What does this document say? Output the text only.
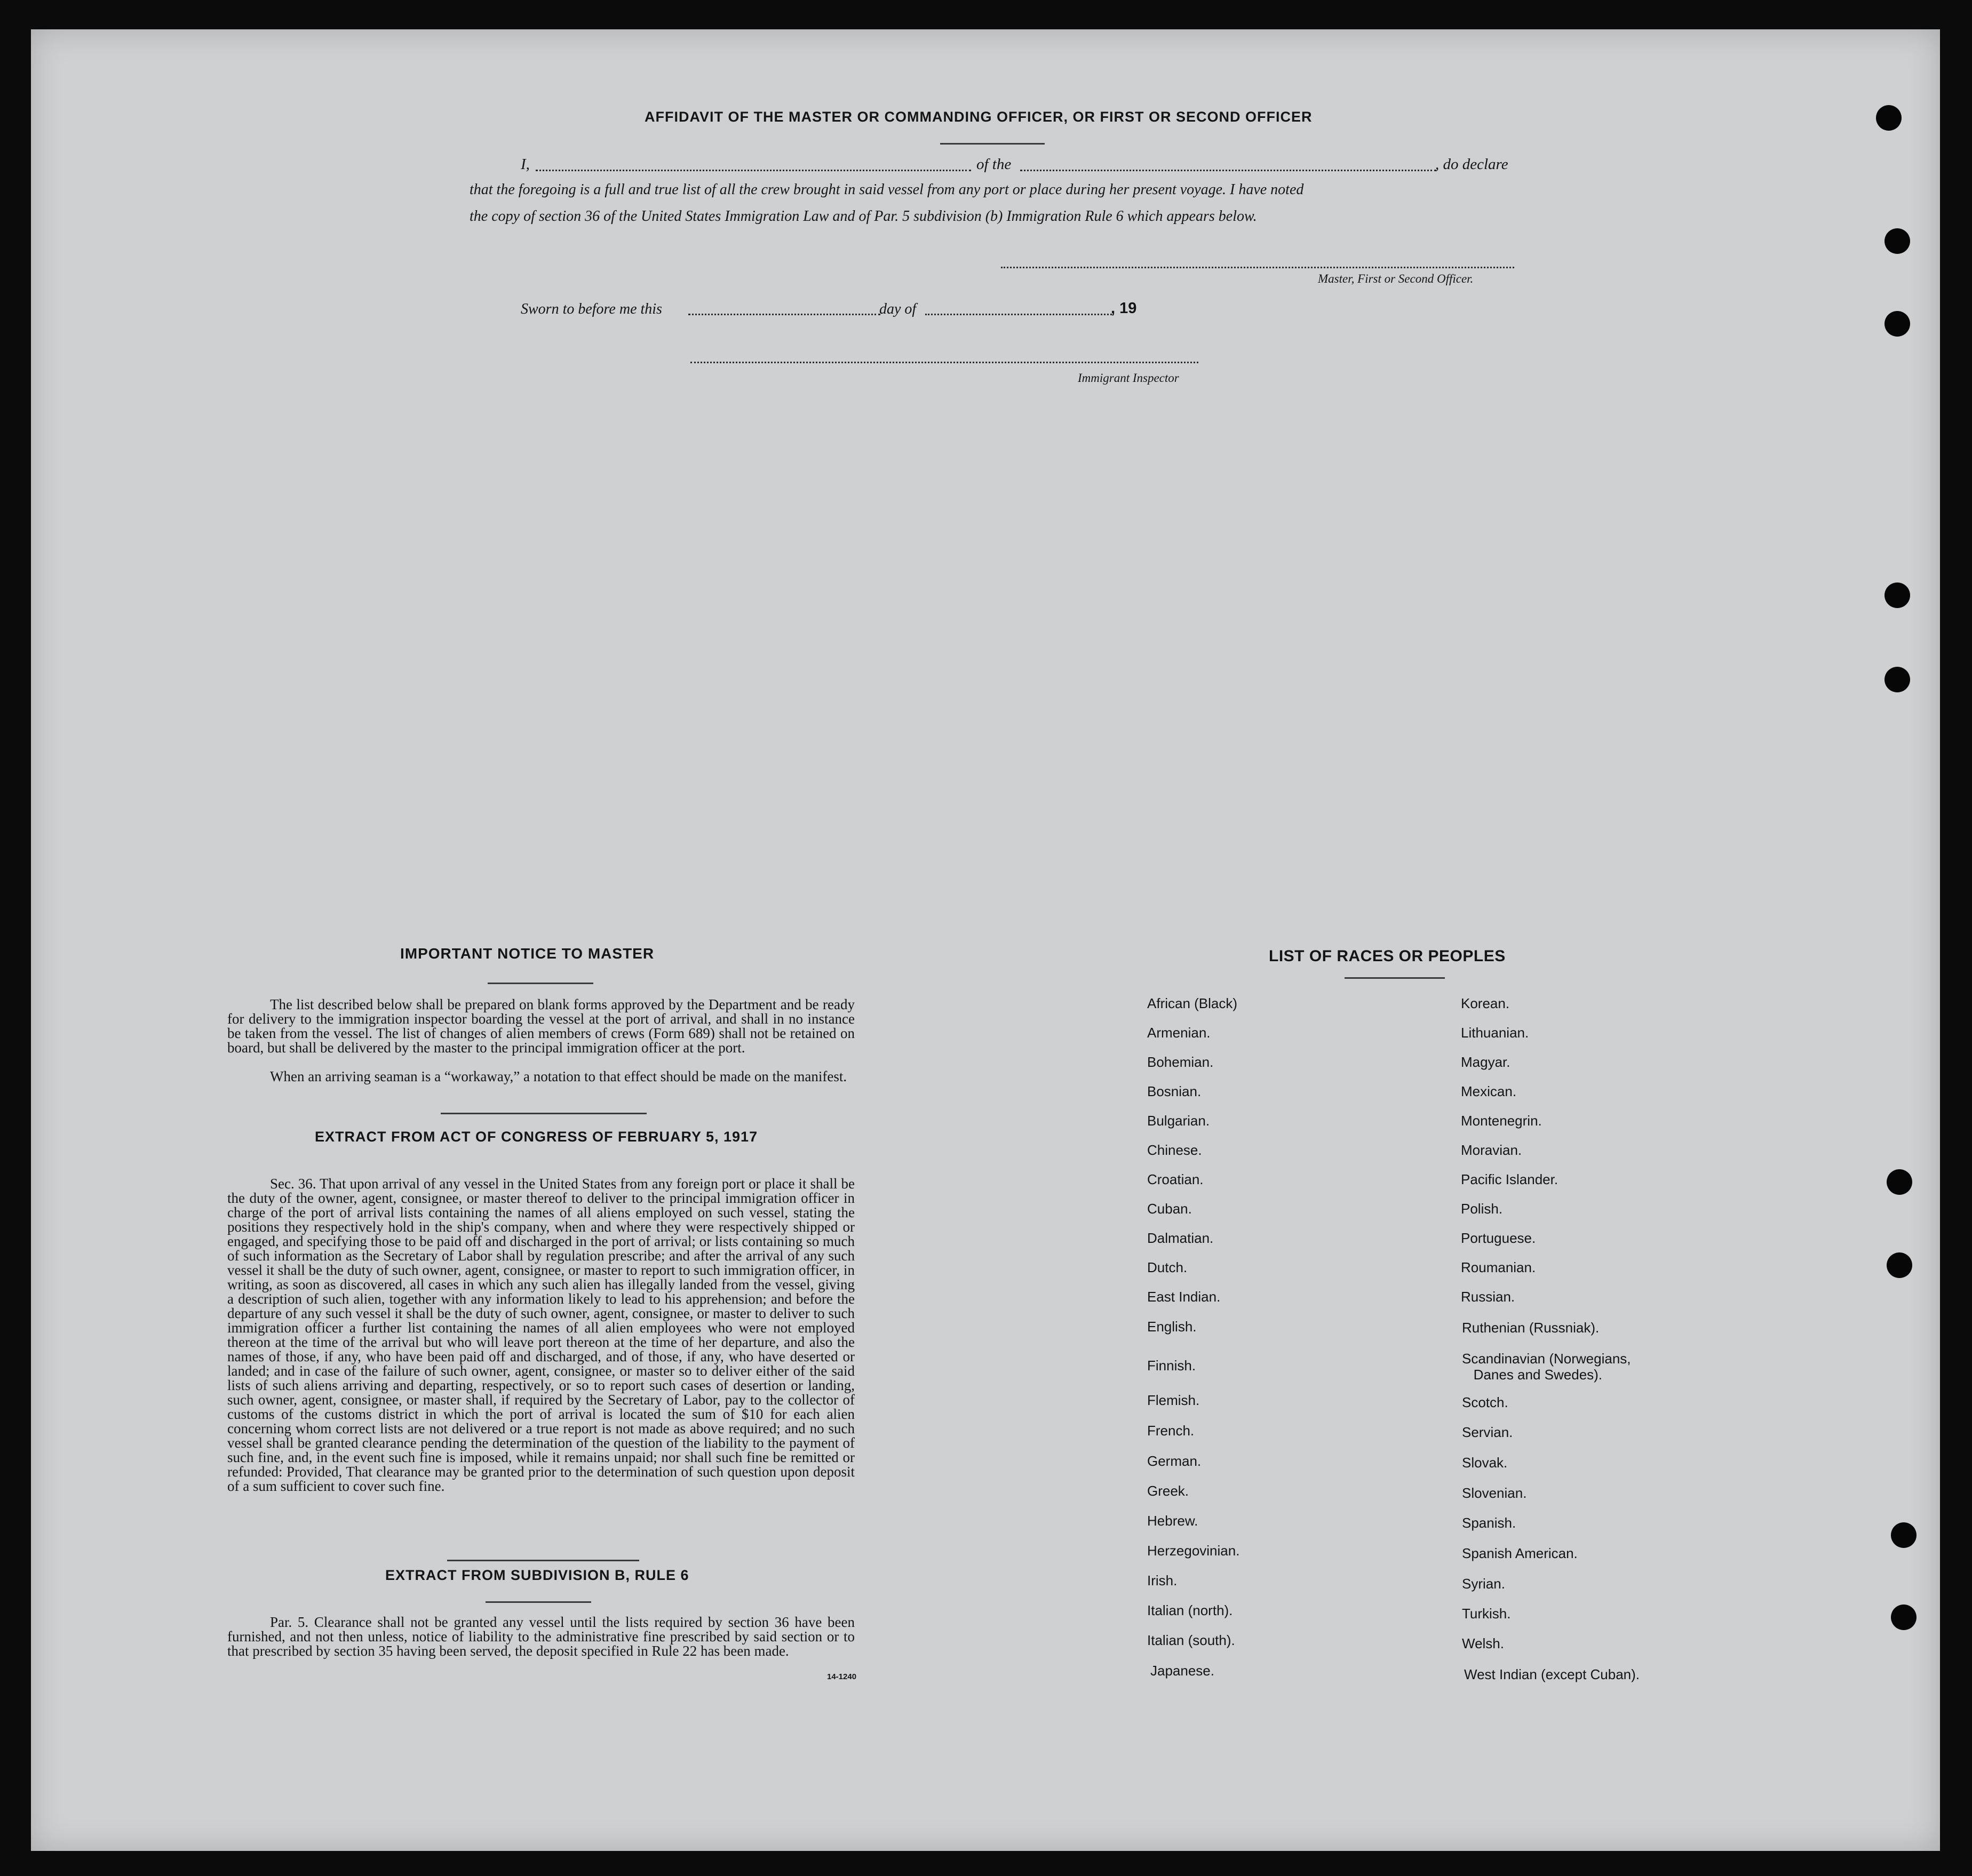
AFFIDAVIT OF THE MASTER OR COMMANDING OFFICER, OR FIRST OR SECOND OFFICER
I,	of the	, do declare
that the foregoing is a full and true list of all the crew brought in said vessel from any port or place during her present voyage. I have noted
the copy of section 36 of the United States Immigration Law and of Par. 5 subdivision (b) Immigration Rule 6 which appears below.
Master, First or Second Officer.
Sworn to before me this	day of	, 19
Immigrant Inspector
IMPORTANT NOTICE TO MASTER
The list described below shall be prepared on blank forms approved by the Department and be ready for delivery to the immigration inspector boarding the vessel at the port of arrival, and shall in no instance be taken from the vessel. The list of changes of alien members of crews (Form 689) shall not be retained on board, but shall be delivered by the master to the principal immigration officer at the port.
When an arriving seaman is a “workaway,” a notation to that effect should be made on the manifest.
EXTRACT FROM ACT OF CONGRESS OF FEBRUARY 5, 1917
Sec. 36. That upon arrival of any vessel in the United States from any foreign port or place it shall be the duty of the owner, agent, consignee, or master thereof to deliver to the principal immigration officer in charge of the port of arrival lists containing the names of all aliens employed on such vessel, stating the positions they respectively hold in the ship's company, when and where they were respectively shipped or engaged, and specifying those to be paid off and discharged in the port of arrival; or lists containing so much of such information as the Secretary of Labor shall by regulation prescribe; and after the arrival of any such vessel it shall be the duty of such owner, agent, consignee, or master to report to such immigration officer, in writing, as soon as discovered, all cases in which any such alien has illegally landed from the vessel, giving a description of such alien, together with any information likely to lead to his apprehension; and before the departure of any such vessel it shall be the duty of such owner, agent, consignee, or master to deliver to such immigration officer a further list containing the names of all alien employees who were not employed thereon at the time of the arrival but who will leave port thereon at the time of her departure, and also the names of those, if any, who have been paid off and discharged, and of those, if any, who have deserted or landed; and in case of the failure of such owner, agent, consignee, or master so to deliver either of the said lists of such aliens arriving and departing, respectively, or so to report such cases of desertion or landing, such owner, agent, consignee, or master shall, if required by the Secretary of Labor, pay to the collector of customs of the customs district in which the port of arrival is located the sum of $10 for each alien concerning whom correct lists are not delivered or a true report is not made as above required; and no such vessel shall be granted clearance pending the determination of the question of the liability to the payment of such fine, and, in the event such fine is imposed, while it remains unpaid; nor shall such fine be remitted or refunded: Provided, That clearance may be granted prior to the determination of such question upon deposit of a sum sufficient to cover such fine.
EXTRACT FROM SUBDIVISION B, RULE 6
Par. 5. Clearance shall not be granted any vessel until the lists required by section 36 have been furnished, and not then unless, notice of liability to the administrative fine prescribed by said section or to that prescribed by section 35 having been served, the deposit specified in Rule 22 has been made.
14-1240
LIST OF RACES OR PEOPLES
African (Black)
Armenian.
Bohemian.
Bosnian.
Bulgarian.
Chinese.
Croatian.
Cuban.
Dalmatian.
Dutch.
East Indian.
English.
Finnish.
Flemish.
French.
German.
Greek.
Hebrew.
Herzegovinian.
Irish.
Italian (north).
Italian (south).
Japanese.
Korean.
Lithuanian.
Magyar.
Mexican.
Montenegrin.
Moravian.
Pacific Islander.
Polish.
Portuguese.
Roumanian.
Russian.
Ruthenian (Russniak).
Scandinavian (Norwegians,
Danes and Swedes).
Scotch.
Servian.
Slovak.
Slovenian.
Spanish.
Spanish American.
Syrian.
Turkish.
Welsh.
West Indian (except Cuban).
